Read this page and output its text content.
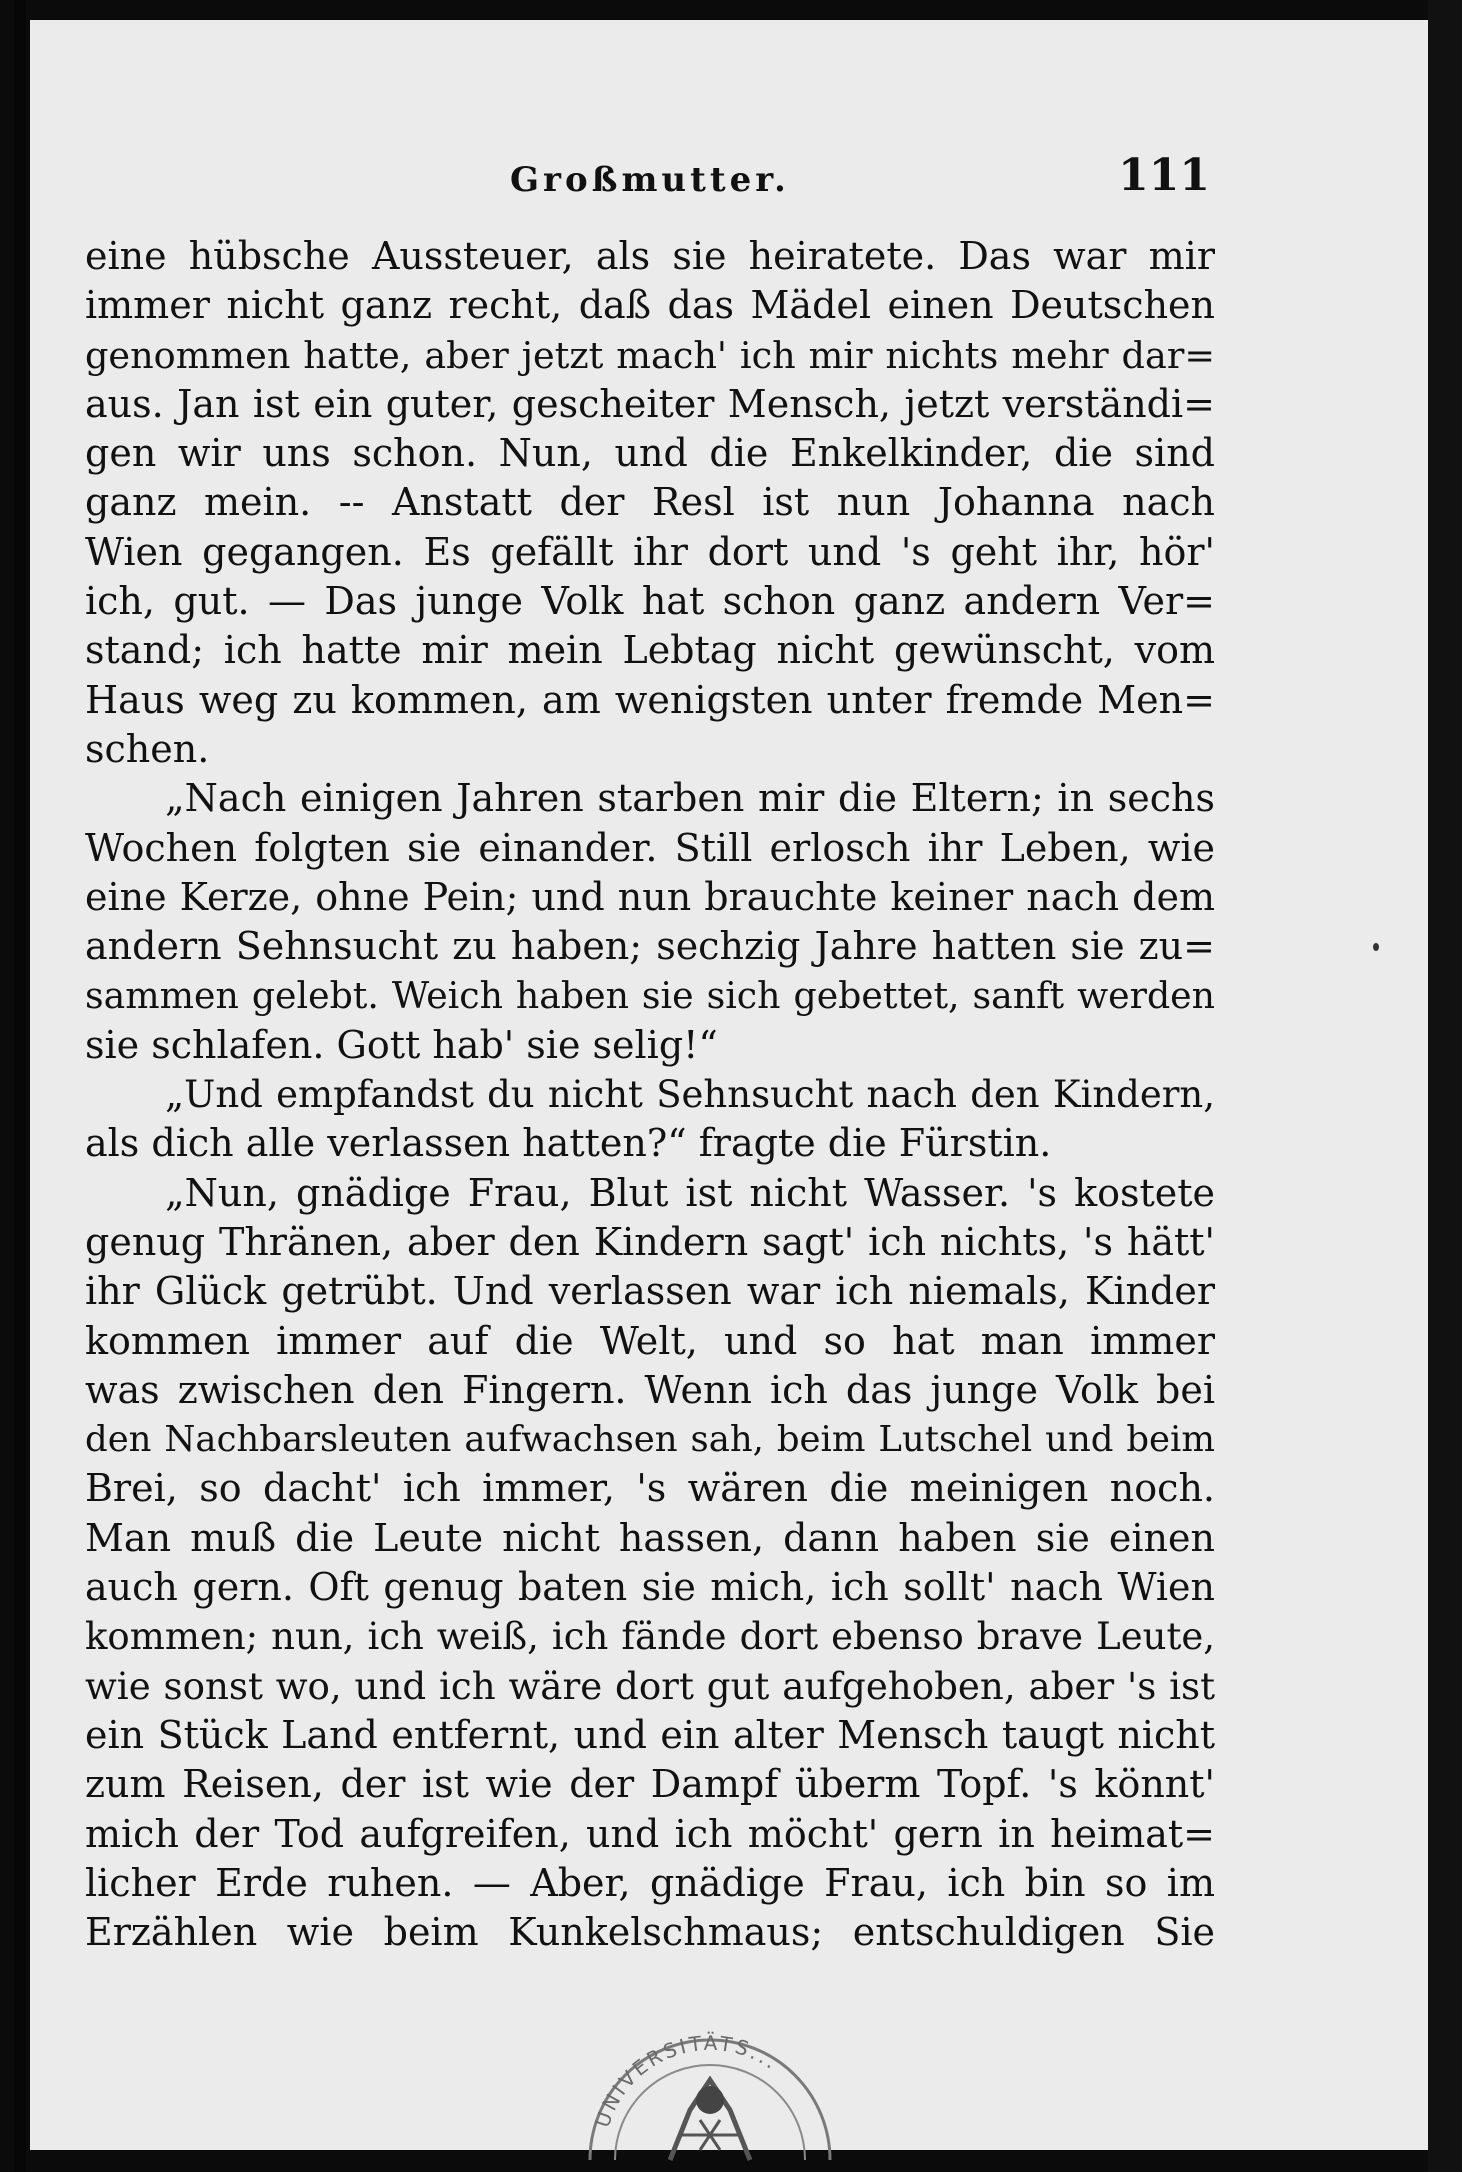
Großmutter.	111
eine hübsche Aussteuer, als sie heiratete. Das war mir
immer nicht ganz recht, daß das Mädel einen Deutschen
genommen hatte, aber jetzt mach' ich mir nichts mehr dar=
aus. Jan ist ein guter, gescheiter Mensch, jetzt verständi=
gen wir uns schon. Nun, und die Enkelkinder, die sind
ganz mein. -- Anstatt der Resl ist nun Johanna nach
Wien gegangen. Es gefällt ihr dort und 's geht ihr, hör'
ich, gut. — Das junge Volk hat schon ganz andern Ver=
stand; ich hatte mir mein Lebtag nicht gewünscht, vom
Haus weg zu kommen, am wenigsten unter fremde Men=
schen.
„Nach einigen Jahren starben mir die Eltern; in sechs
Wochen folgten sie einander. Still erlosch ihr Leben, wie
eine Kerze, ohne Pein; und nun brauchte keiner nach dem
andern Sehnsucht zu haben; sechzig Jahre hatten sie zu=
sammen gelebt. Weich haben sie sich gebettet, sanft werden
sie schlafen. Gott hab' sie selig!“
„Und empfandst du nicht Sehnsucht nach den Kindern,
als dich alle verlassen hatten?“ fragte die Fürstin.
„Nun, gnädige Frau, Blut ist nicht Wasser. 's kostete
genug Thränen, aber den Kindern sagt' ich nichts, 's hätt'
ihr Glück getrübt. Und verlassen war ich niemals, Kinder
kommen immer auf die Welt, und so hat man immer
was zwischen den Fingern. Wenn ich das junge Volk bei
den Nachbarsleuten aufwachsen sah, beim Lutschel und beim
Brei, so dacht' ich immer, 's wären die meinigen noch.
Man muß die Leute nicht hassen, dann haben sie einen
auch gern. Oft genug baten sie mich, ich sollt' nach Wien
kommen; nun, ich weiß, ich fände dort ebenso brave Leute,
wie sonst wo, und ich wäre dort gut aufgehoben, aber 's ist
ein Stück Land entfernt, und ein alter Mensch taugt nicht
zum Reisen, der ist wie der Dampf überm Topf. 's könnt'
mich der Tod aufgreifen, und ich möcht' gern in heimat=
licher Erde ruhen. — Aber, gnädige Frau, ich bin so im
Erzählen wie beim Kunkelschmaus; entschuldigen Sie
UNIVERSITÄTS...
